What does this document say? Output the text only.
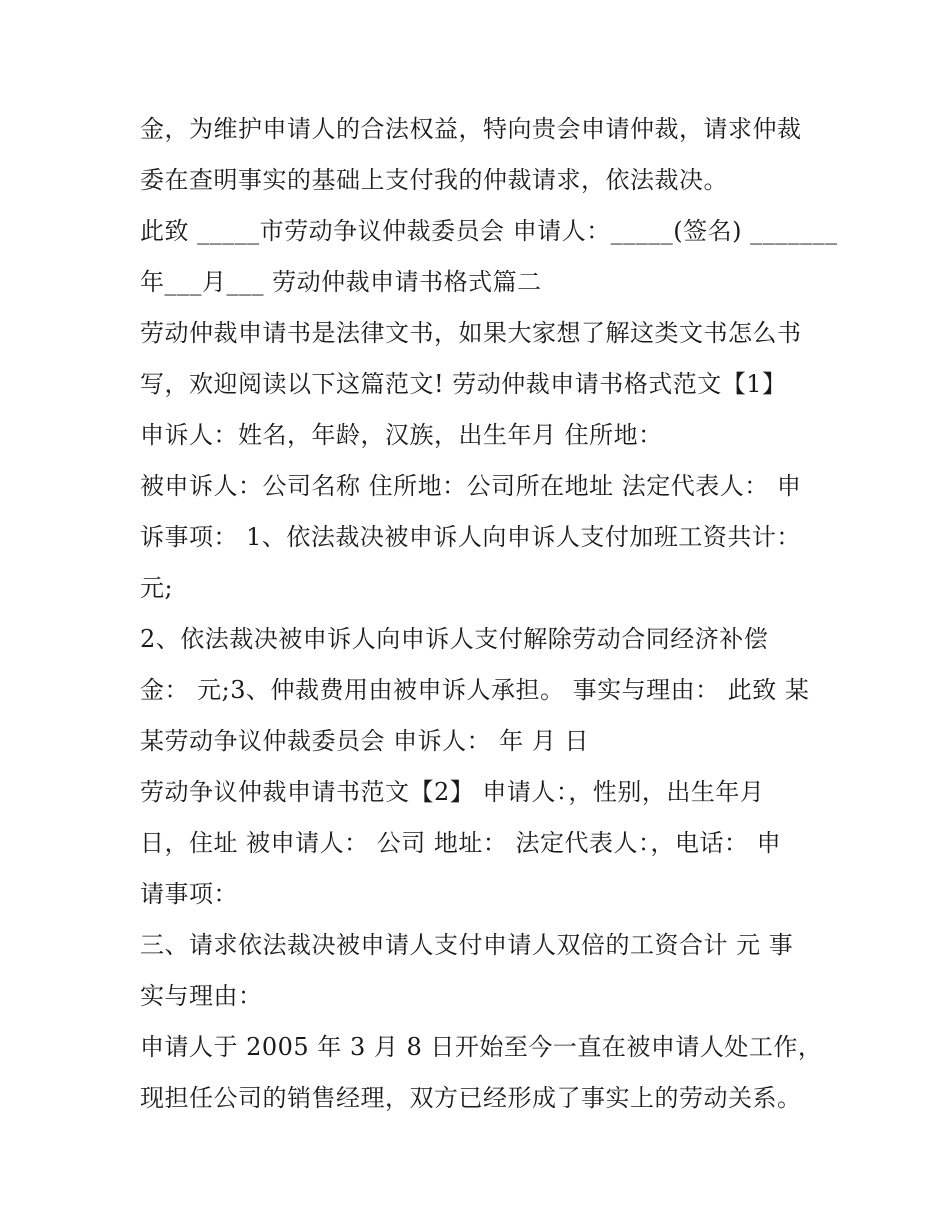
金，为维护申请人的合法权益，特向贵会申请仲裁，请求仲裁
委在查明事实的基础上支付我的仲裁请求，依法裁决。
此致 _____市劳动争议仲裁委员会 申请人：_____(签名) _______
年___月___ 劳动仲裁申请书格式篇二
劳动仲裁申请书是法律文书，如果大家想了解这类文书怎么书
写，欢迎阅读以下这篇范文! 劳动仲裁申请书格式范文【1】
申诉人：姓名，年龄，汉族，出生年月 住所地：
被申诉人：公司名称 住所地：公司所在地址 法定代表人： 申
诉事项： 1、依法裁决被申诉人向申诉人支付加班工资共计：
元;
2、依法裁决被申诉人向申诉人支付解除劳动合同经济补偿
金： 元;3、仲裁费用由被申诉人承担。 事实与理由： 此致 某
某劳动争议仲裁委员会 申诉人： 年 月 日
劳动争议仲裁申请书范文【2】 申请人：，性别，出生年月
日，住址 被申请人： 公司 地址： 法定代表人：，电话： 申
请事项：
三、请求依法裁决被申请人支付申请人双倍的工资合计 元 事
实与理由：
申请人于 2005 年 3 月 8 日开始至今一直在被申请人处工作，
现担任公司的销售经理，双方已经形成了事实上的劳动关系。
